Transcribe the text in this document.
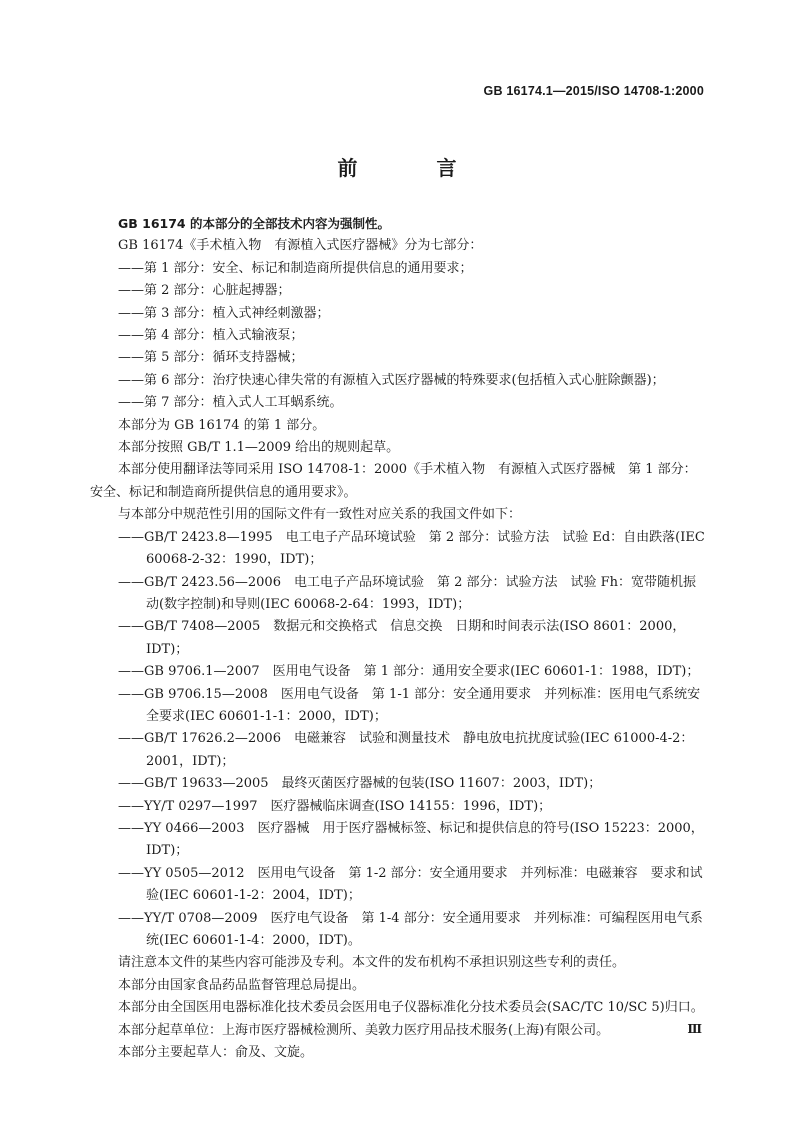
GB 16174.1—2015/ISO 14708-1:2000
前 言

GB 16174 的本部分的全部技术内容为强制性。

GB 16174《手术植入物　有源植入式医疗器械》分为七部分：

——第 1 部分：安全、标记和制造商所提供信息的通用要求；

——第 2 部分：心脏起搏器；

——第 3 部分：植入式神经刺激器；

——第 4 部分：植入式输液泵；

——第 5 部分：循环支持器械；

——第 6 部分：治疗快速心律失常的有源植入式医疗器械的特殊要求(包括植入式心脏除颤器)；

——第 7 部分：植入式人工耳蜗系统。

本部分为 GB 16174 的第 1 部分。

本部分按照 GB/T 1.1—2009 给出的规则起草。

本部分使用翻译法等同采用 ISO 14708-1：2000《手术植入物　有源植入式医疗器械　第 1 部分：

安全、标记和制造商所提供信息的通用要求》。

与本部分中规范性引用的国际文件有一致性对应关系的我国文件如下：

——GB/T 2423.8—1995　电工电子产品环境试验　第 2 部分：试验方法　试验 Ed：自由跌落(IEC 60068-2-32：1990，IDT)；

——GB/T 2423.56—2006　电工电子产品环境试验　第 2 部分：试验方法　试验 Fh：宽带随机振动(数字控制)和导则(IEC 60068-2-64：1993，IDT)；

——GB/T 7408—2005　数据元和交换格式　信息交换　日期和时间表示法(ISO 8601：2000，IDT)；

——GB 9706.1—2007　医用电气设备　第 1 部分：通用安全要求(IEC 60601-1：1988，IDT)；

——GB 9706.15—2008　医用电气设备　第 1-1 部分：安全通用要求　并列标准：医用电气系统安全要求(IEC 60601-1-1：2000，IDT)；

——GB/T 17626.2—2006　电磁兼容　试验和测量技术　静电放电抗扰度试验(IEC 61000-4-2：2001，IDT)；

——GB/T 19633—2005　最终灭菌医疗器械的包装(ISO 11607：2003，IDT)；

——YY/T 0297—1997　医疗器械临床调查(ISO 14155：1996，IDT)；

——YY 0466—2003　医疗器械　用于医疗器械标签、标记和提供信息的符号(ISO 15223：2000，IDT)；

——YY 0505—2012　医用电气设备　第 1-2 部分：安全通用要求　并列标准：电磁兼容　要求和试验(IEC 60601-1-2：2004，IDT)；

——YY/T 0708—2009　医疗电气设备　第 1-4 部分：安全通用要求　并列标准：可编程医用电气系统(IEC 60601-1-4：2000，IDT)。

请注意本文件的某些内容可能涉及专利。本文件的发布机构不承担识别这些专利的责任。

本部分由国家食品药品监督管理总局提出。

本部分由全国医用电器标准化技术委员会医用电子仪器标准化分技术委员会(SAC/TC 10/SC 5)归口。

本部分起草单位：上海市医疗器械检测所、美敦力医疗用品技术服务(上海)有限公司。

本部分主要起草人：俞及、文旋。

Ⅲ
